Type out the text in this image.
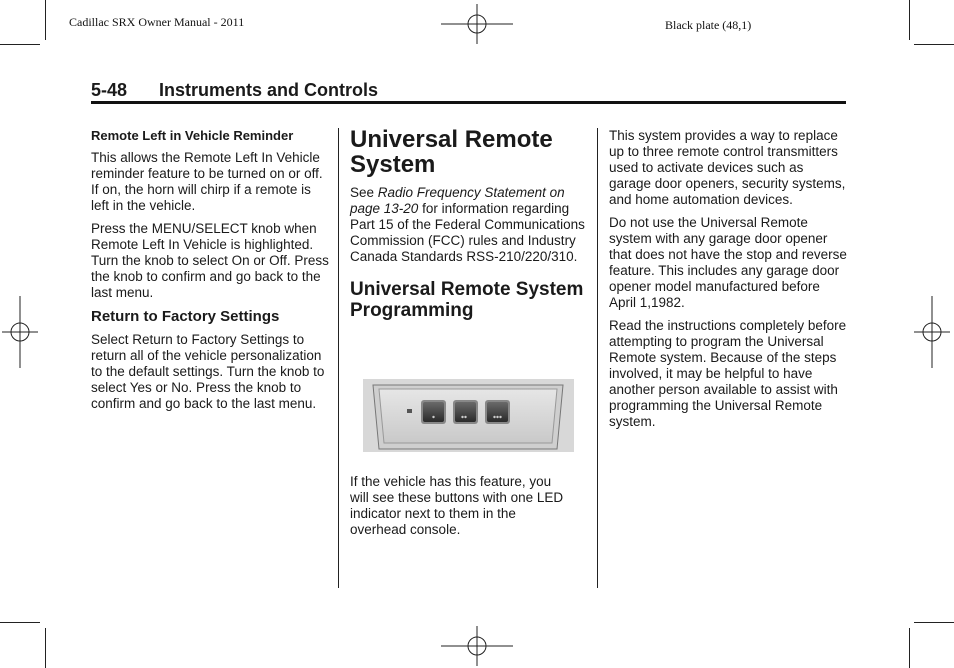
Cadillac SRX Owner Manual - 2011	Black plate (48,1)
5-48 Instruments and Controls

Remote Left in Vehicle Reminder

This allows the Remote Left In Vehicle reminder feature to be turned on or off. If on, the horn will chirp if a remote is left in the vehicle.

Press the MENU/SELECT knob when Remote Left In Vehicle is highlighted. Turn the knob to select On or Off. Press the knob to confirm and go back to the last menu.

Return to Factory Settings

Select Return to Factory Settings to return all of the vehicle personalization to the default settings. Turn the knob to select Yes or No. Press the knob to confirm and go back to the last menu.

Universal Remote System

See Radio Frequency Statement on page 13-20 for information regarding Part 15 of the Federal Communications Commission (FCC) rules and Industry Canada Standards RSS-210/220/310.

Universal Remote System Programming

If the vehicle has this feature, you will see these buttons with one LED indicator next to them in the overhead console.

This system provides a way to replace up to three remote control transmitters used to activate devices such as garage door openers, security systems, and home automation devices.

Do not use the Universal Remote system with any garage door opener that does not have the stop and reverse feature. This includes any garage door opener model manufactured before April 1,1982.

Read the instructions completely before attempting to program the Universal Remote system. Because of the steps involved, it may be helpful to have another person available to assist with programming the Universal Remote system.
